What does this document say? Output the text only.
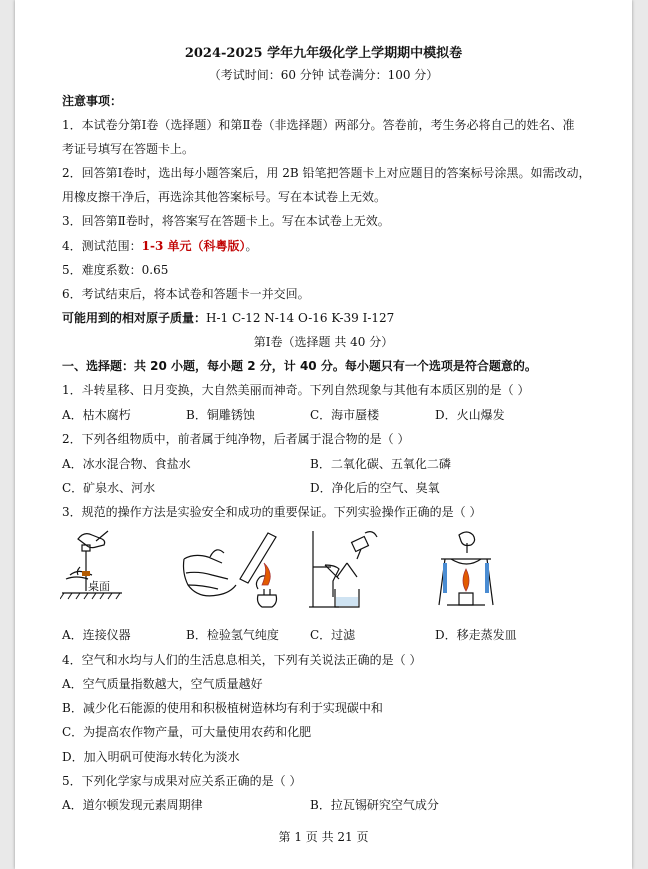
2024-2025 学年九年级化学上学期期中模拟卷
（考试时间：60 分钟 试卷满分：100 分）
注意事项：
1．本试卷分第Ⅰ卷（选择题）和第Ⅱ卷（非选择题）两部分。答卷前，考生务必将自己的姓名、准
考证号填写在答题卡上。
2．回答第Ⅰ卷时，选出每小题答案后，用 2B 铅笔把答题卡上对应题目的答案标号涂黑。如需改动，
用橡皮擦干净后，再选涂其他答案标号。写在本试卷上无效。
3．回答第Ⅱ卷时，将答案写在答题卡上。写在本试卷上无效。
4．测试范围：1-3 单元（科粤版）。
5．难度系数：0.65
6．考试结束后，将本试卷和答题卡一并交回。
可能用到的相对原子质量：H-1 C-12 N-14 O-16 K-39 I-127
第Ⅰ卷（选择题 共 40 分）
一、选择题：共 20 小题，每小题 2 分，计 40 分。每小题只有一个选项是符合题意的。
1．斗转星移、日月变换，大自然美丽而神奇。下列自然现象与其他有本质区别的是（ ）
A．枯木腐朽	B．铜雕锈蚀	C．海市蜃楼	D．火山爆发
2．下列各组物质中，前者属于纯净物，后者属于混合物的是（ ）
A．冰水混合物、食盐水	B．二氧化碳、五氧化二磷
C．矿泉水、河水	D．净化后的空气、臭氧
3．规范的操作方法是实验安全和成功的重要保证。下列实验操作正确的是（ ）
桌面
A．连接仪器	B．检验氢气纯度	C．过滤	D．移走蒸发皿
4．空气和水均与人们的生活息息相关，下列有关说法正确的是（ ）
A．空气质量指数越大，空气质量越好
B．减少化石能源的使用和积极植树造林均有利于实现碳中和
C．为提高农作物产量，可大量使用农药和化肥
D．加入明矾可使海水转化为淡水
5．下列化学家与成果对应关系正确的是（ ）
A．道尔顿发现元素周期律	B．拉瓦锡研究空气成分
第 1 页 共 21 页
